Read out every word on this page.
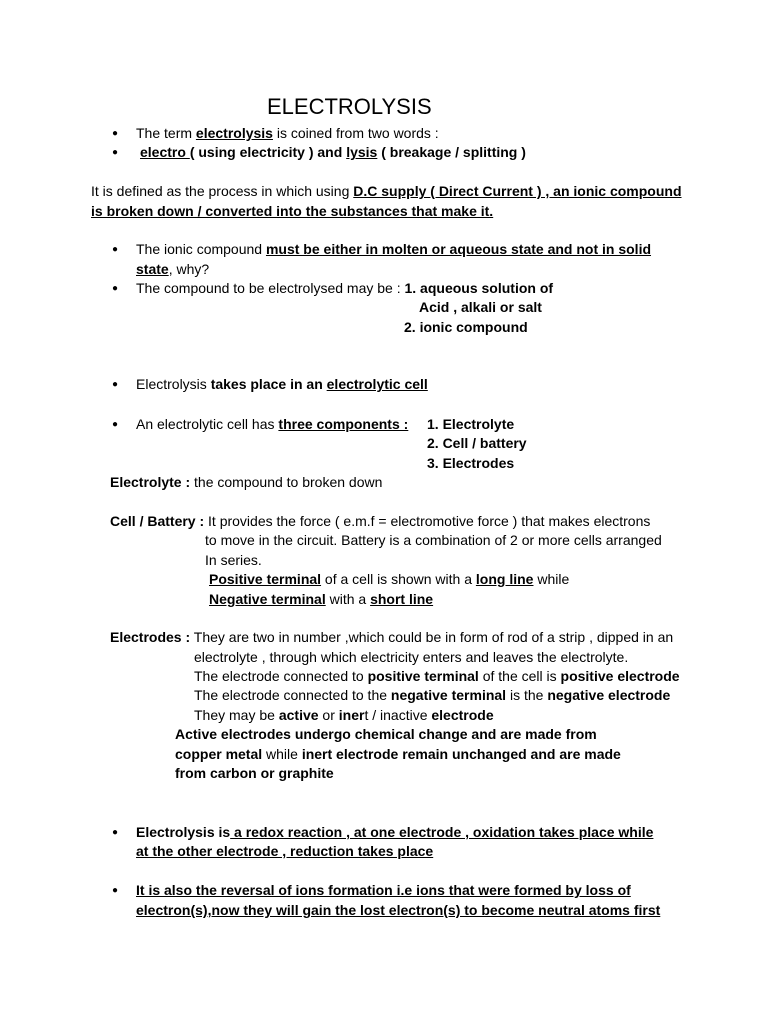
ELECTROLYSIS
● The term electrolysis is coined from two words :
● electro ( using electricity ) and lysis ( breakage / splitting )
It is defined as the process in which using D.C supply ( Direct Current ) , an ionic compound
is broken down / converted into the substances that make it.
● The ionic compound must be either in molten or aqueous state and not in solid
state, why?
● The compound to be electrolysed may be : 1. aqueous solution of
Acid , alkali or salt
2. ionic compound
● Electrolysis takes place in an electrolytic cell
● An electrolytic cell has three components : 1. Electrolyte
2. Cell / battery
3. Electrodes
Electrolyte : the compound to broken down
Cell / Battery : It provides the force ( e.m.f = electromotive force ) that makes electrons
to move in the circuit. Battery is a combination of 2 or more cells arranged
In series.
Positive terminal of a cell is shown with a long line while
Negative terminal with a short line
Electrodes : They are two in number ,which could be in form of rod of a strip , dipped in an
electrolyte , through which electricity enters and leaves the electrolyte.
The electrode connected to positive terminal of the cell is positive electrode
The electrode connected to the negative terminal is the negative electrode
They may be active or inert / inactive electrode
Active electrodes undergo chemical change and are made from
copper metal while inert electrode remain unchanged and are made
from carbon or graphite
● Electrolysis is a redox reaction , at one electrode , oxidation takes place while
at the other electrode , reduction takes place
● It is also the reversal of ions formation i.e ions that were formed by loss of
electron(s),now they will gain the lost electron(s) to become neutral atoms first
